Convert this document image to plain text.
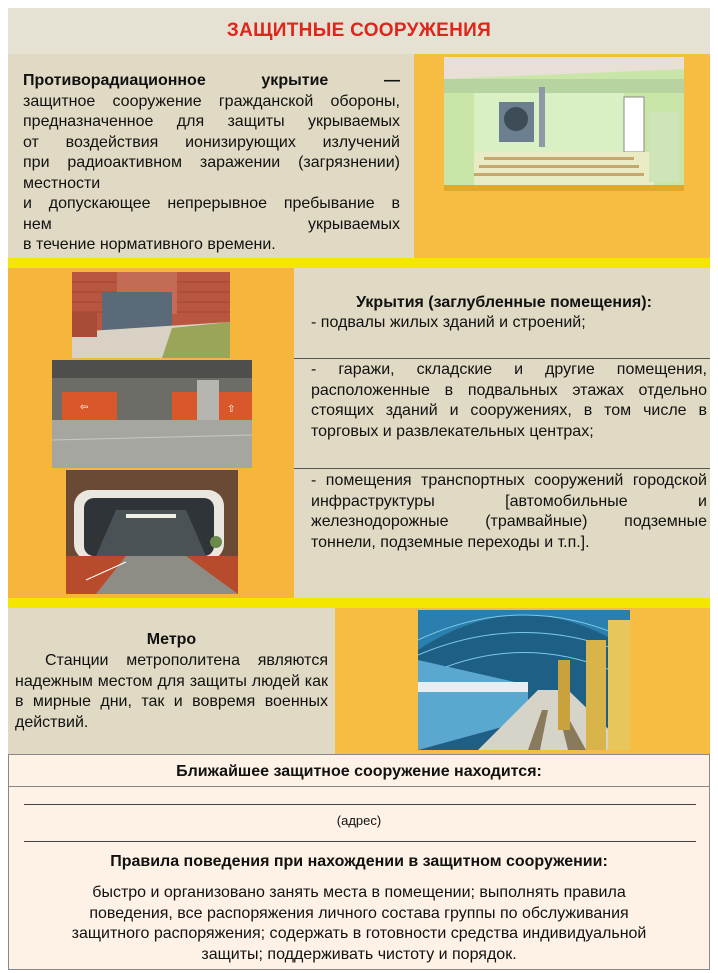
ЗАЩИТНЫЕ СООРУЖЕНИЯ
Противорадиационное укрытие —
защитное сооружение гражданской обороны,
предназначенное для защиты укрываемых
от воздействия ионизирующих излучений
при радиоактивном заражении (загрязнении)
местности
и допускающее непрерывное пребывание в
нем укрываемых
в течение нормативного времени.
⇦	⇧
Укрытия (заглубленные помещения):
- подвалы жилых зданий и строений;
- гаражи, складские и другие помещения, расположенные в подвальных этажах отдельно стоящих зданий и сооружениях, в том числе в торговых и развлекательных центрах;
- помещения транспортных сооружений городской инфраструктуры [автомобильные и железнодорожные (трамвайные) подземные тоннели, подземные переходы и т.п.].
Метро
Станции метрополитена являются надежным местом для защиты людей как в мирные дни, так и вовремя военных действий.
Ближайшее защитное сооружение находится:
(адрес)
Правила поведения при нахождении в защитном сооружении:
быстро и организовано занять места в помещении; выполнять правила
поведения, все распоряжения личного состава группы по обслуживания
защитного распоряжения; содержать в готовности средства индивидуальной
защиты; поддерживать чистоту и порядок.
